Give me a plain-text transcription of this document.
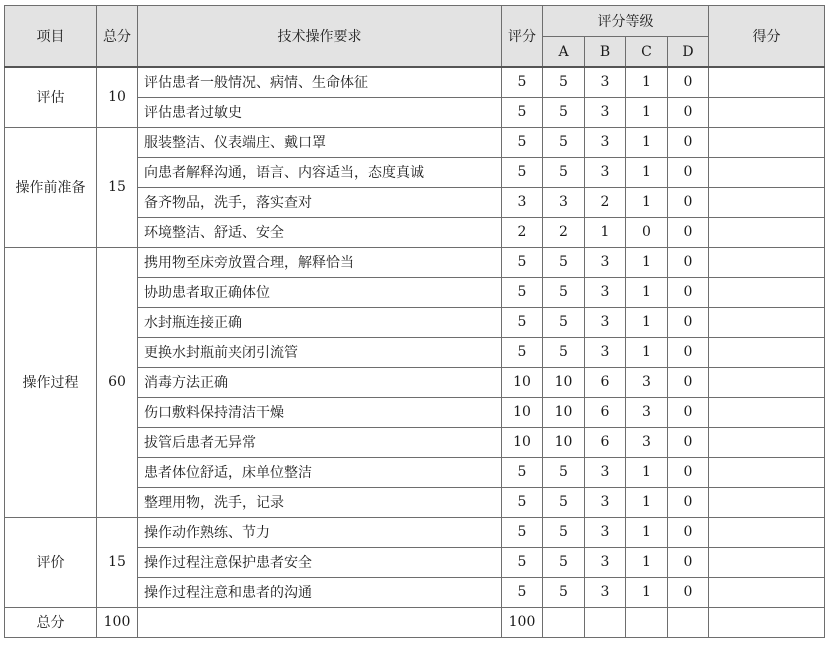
项目	总分	技术操作要求	评分	评分等级				得分
				A	B	C	D	
评估	10	评估患者一般情况、病情、生命体征	5	5	3	1	0	
		评估患者过敏史	5	5	3	1	0	
操作前准备	15	服装整洁、仪表端庄、戴口罩	5	5	3	1	0	
		向患者解释沟通，语言、内容适当，态度真诚	5	5	3	1	0	
		备齐物品，洗手，落实查对	3	3	2	1	0	
		环境整洁、舒适、安全	2	2	1	0	0	
操作过程	60	携用物至床旁放置合理，解释恰当	5	5	3	1	0	
		协助患者取正确体位	5	5	3	1	0	
		水封瓶连接正确	5	5	3	1	0	
		更换水封瓶前夹闭引流管	5	5	3	1	0	
		消毒方法正确	10	10	6	3	0	
		伤口敷料保持清洁干燥	10	10	6	3	0	
		拔管后患者无异常	10	10	6	3	0	
		患者体位舒适，床单位整洁	5	5	3	1	0	
		整理用物，洗手，记录	5	5	3	1	0	
评价	15	操作动作熟练、节力	5	5	3	1	0	
		操作过程注意保护患者安全	5	5	3	1	0	
		操作过程注意和患者的沟通	5	5	3	1	0	
总分	100		100					
